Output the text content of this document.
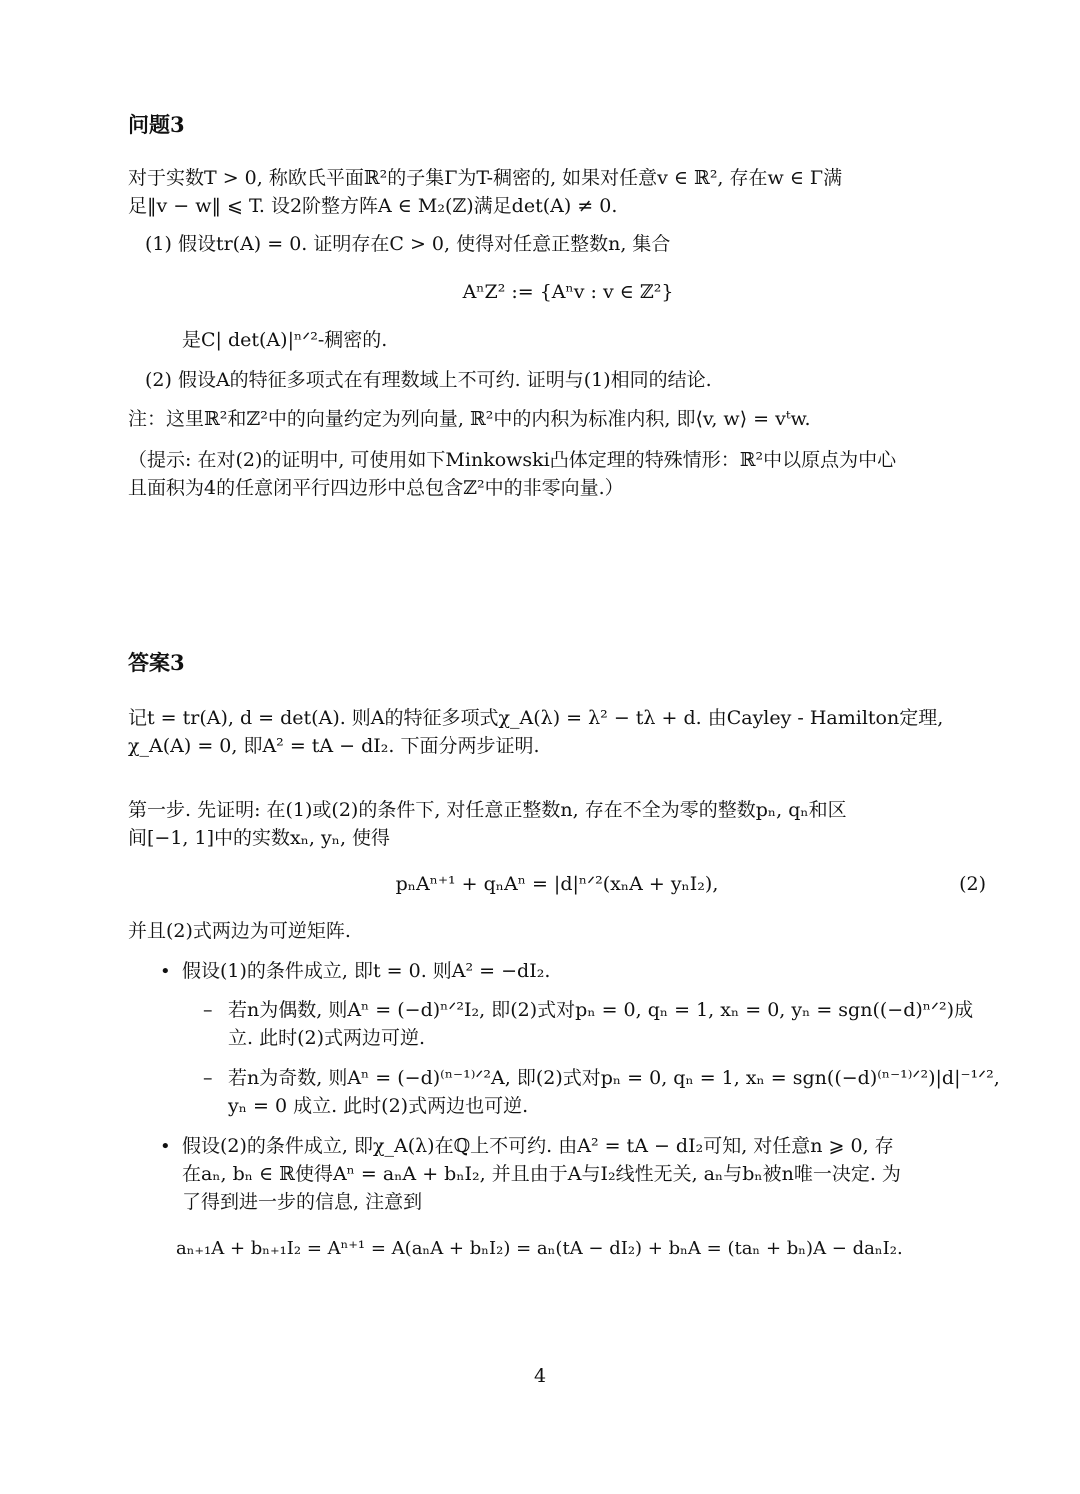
问题3
对于实数T > 0, 称欧氏平面ℝ²的子集Γ为T-稠密的, 如果对任意v ∈ ℝ², 存在w ∈ Γ满
足‖v − w‖ ⩽ T. 设2阶整方阵A ∈ M₂(ℤ)满足det(A) ≠ 0.
(1) 假设tr(A) = 0. 证明存在C > 0, 使得对任意正整数n, 集合
AⁿZ² := {Aⁿv : v ∈ ℤ²}
是C| det(A)|ⁿᐟ²-稠密的.
(2) 假设A的特征多项式在有理数域上不可约. 证明与(1)相同的结论.
注：这里ℝ²和ℤ²中的向量约定为列向量, ℝ²中的内积为标准内积, 即⟨v, w⟩ = vᵗw.
（提示: 在对(2)的证明中, 可使用如下Minkowski凸体定理的特殊情形：ℝ²中以原点为中心
且面积为4的任意闭平行四边形中总包含ℤ²中的非零向量.）
答案3
记t = tr(A), d = det(A). 则A的特征多项式χ_A(λ) = λ² − tλ + d. 由Cayley - Hamilton定理,
χ_A(A) = 0, 即A² = tA − dI₂. 下面分两步证明.
第一步. 先证明: 在(1)或(2)的条件下, 对任意正整数n, 存在不全为零的整数pₙ, qₙ和区
间[−1, 1]中的实数xₙ, yₙ, 使得
pₙAⁿ⁺¹ + qₙAⁿ = |d|ⁿᐟ²(xₙA + yₙI₂),	(2)
并且(2)式两边为可逆矩阵.
• 假设(1)的条件成立, 即t = 0. 则A² = −dI₂.
– 若n为偶数, 则Aⁿ = (−d)ⁿᐟ²I₂, 即(2)式对pₙ = 0, qₙ = 1, xₙ = 0, yₙ = sgn((−d)ⁿᐟ²)成
立. 此时(2)式两边可逆.
– 若n为奇数, 则Aⁿ = (−d)⁽ⁿ⁻¹⁾ᐟ²A, 即(2)式对pₙ = 0, qₙ = 1, xₙ = sgn((−d)⁽ⁿ⁻¹⁾ᐟ²)|d|⁻¹ᐟ²,
yₙ = 0 成立. 此时(2)式两边也可逆.
• 假设(2)的条件成立, 即χ_A(λ)在ℚ上不可约. 由A² = tA − dI₂可知, 对任意n ⩾ 0, 存
在aₙ, bₙ ∈ ℝ使得Aⁿ = aₙA + bₙI₂, 并且由于A与I₂线性无关, aₙ与bₙ被n唯一决定. 为
了得到进一步的信息, 注意到
aₙ₊₁A + bₙ₊₁I₂ = Aⁿ⁺¹ = A(aₙA + bₙI₂) = aₙ(tA − dI₂) + bₙA = (taₙ + bₙ)A − daₙI₂.
4
